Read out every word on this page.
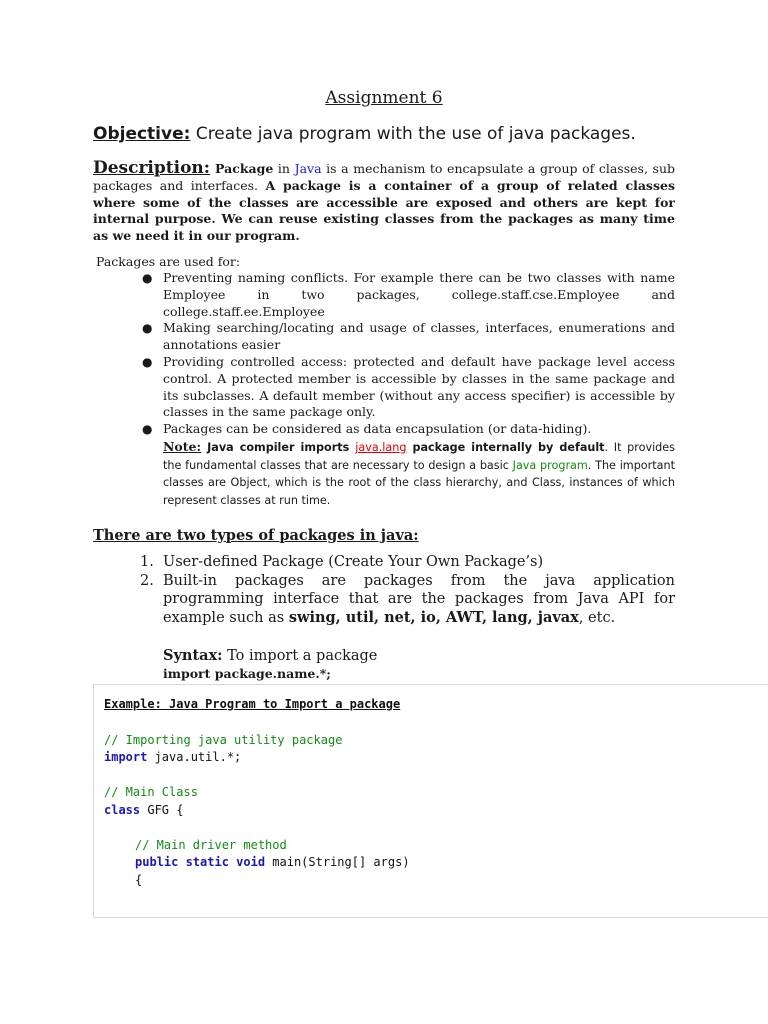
Assignment 6
Objective: Create java program with the use of java packages.
Description: Package in Java is a mechanism to encapsulate a group of classes, sub packages and interfaces. A package is a container of a group of related classes where some of the classes are accessible are exposed and others are kept for internal purpose. We can reuse existing classes from the packages as many time as we need it in our program.
Packages are used for:
● Preventing naming conflicts. For example there can be two classes with name Employee in two packages, college.staff.cse.Employee and college.staff.ee.Employee
● Making searching/locating and usage of classes, interfaces, enumerations and annotations easier
● Providing controlled access: protected and default have package level access control. A protected member is accessible by classes in the same package and its subclasses. A default member (without any access specifier) is accessible by classes in the same package only.
● Packages can be considered as data encapsulation (or data-hiding).
Note: Java compiler imports java.lang package internally by default. It provides the fundamental classes that are necessary to design a basic Java program. The important classes are Object, which is the root of the class hierarchy, and Class, instances of which represent classes at run time.
There are two types of packages in java:
1. User-defined Package (Create Your Own Package’s)
2. Built-in packages are packages from the java application programming interface that are the packages from Java API for example such as swing, util, net, io, AWT, lang, javax, etc.
Syntax: To import a package
import package.name.*;
Example: Java Program to Import a package
// Importing java utility package
import java.util.*;
// Main Class
class GFG {
// Main driver method
public static void main(String[] args)
{
